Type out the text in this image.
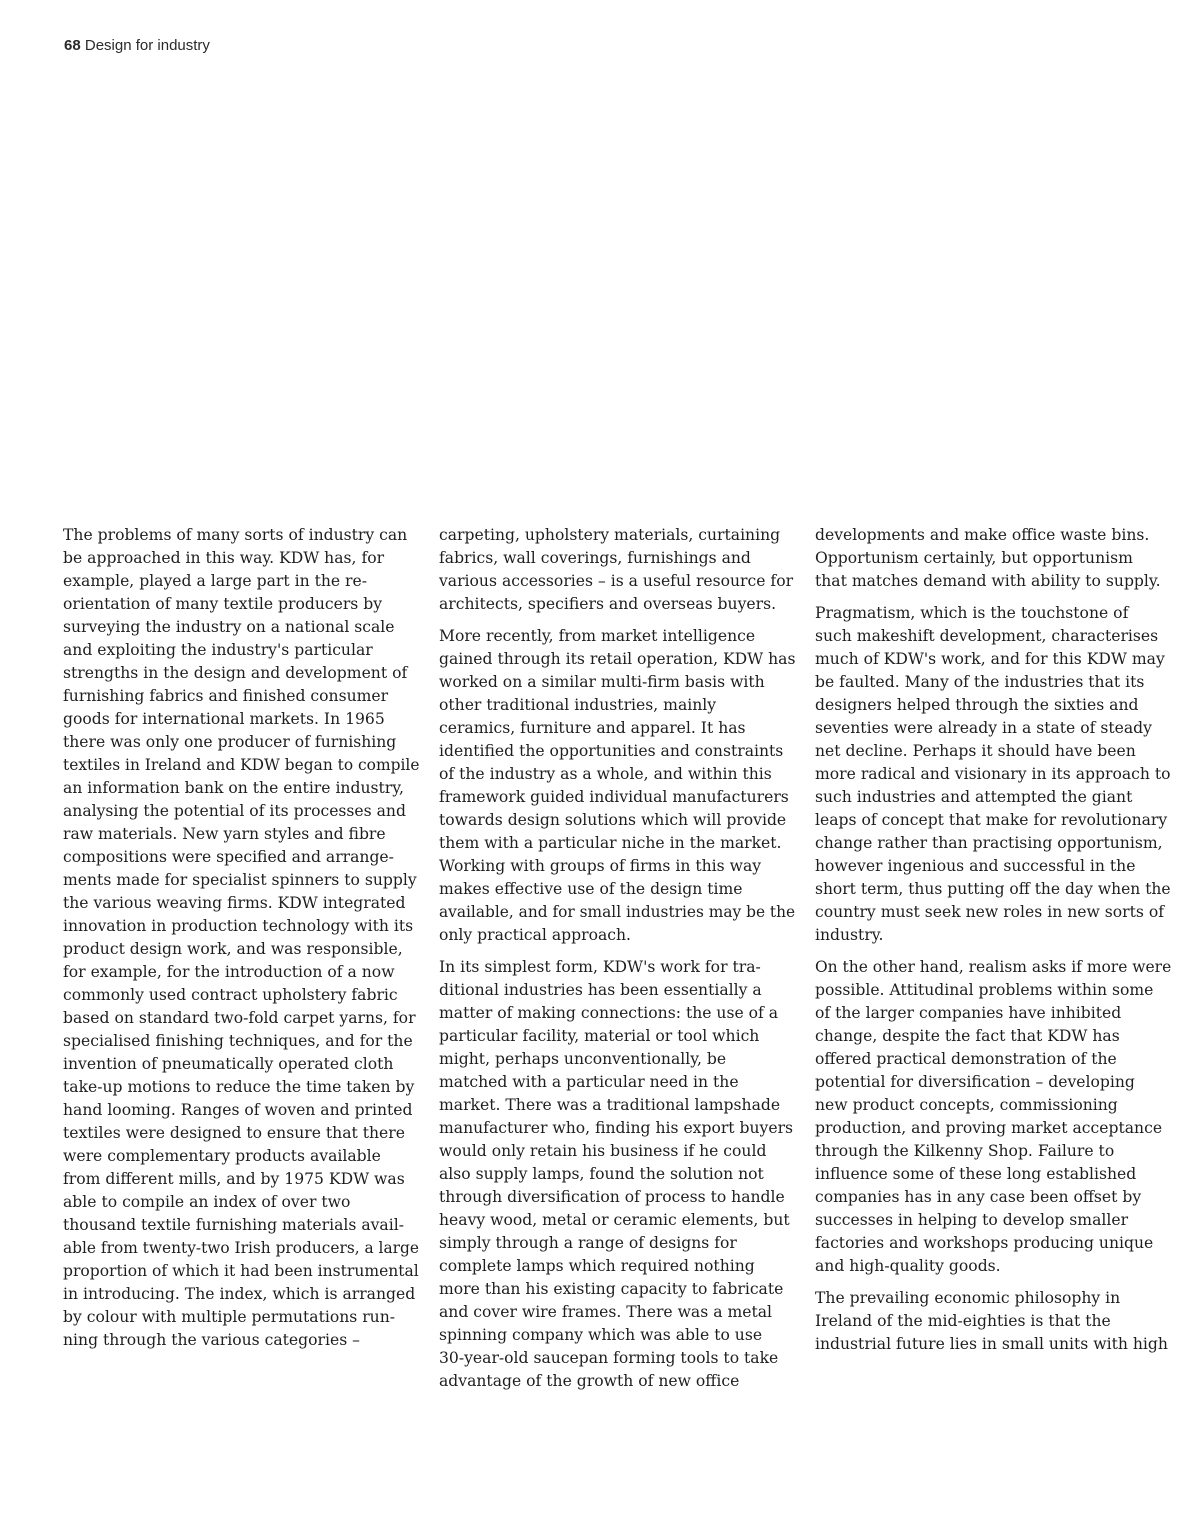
68 Design for industry

The problems of many sorts of industry can
be approached in this way. KDW has, for
example, played a large part in the re-
orientation of many textile producers by
surveying the industry on a national scale
and exploiting the industry's particular
strengths in the design and development of
furnishing fabrics and finished consumer
goods for international markets. In 1965
there was only one producer of furnishing
textiles in Ireland and KDW began to compile
an information bank on the entire industry,
analysing the potential of its processes and
raw materials. New yarn styles and fibre
compositions were specified and arrange-
ments made for specialist spinners to supply
the various weaving firms. KDW integrated
innovation in production technology with its
product design work, and was responsible,
for example, for the introduction of a now
commonly used contract upholstery fabric
based on standard two-fold carpet yarns, for
specialised finishing techniques, and for the
invention of pneumatically operated cloth
take-up motions to reduce the time taken by
hand looming. Ranges of woven and printed
textiles were designed to ensure that there
were complementary products available
from different mills, and by 1975 KDW was
able to compile an index of over two
thousand textile furnishing materials avail-
able from twenty-two Irish producers, a large
proportion of which it had been instrumental
in introducing. The index, which is arranged
by colour with multiple permutations run-
ning through the various categories –

carpeting, upholstery materials, curtaining
fabrics, wall coverings, furnishings and
various accessories – is a useful resource for
architects, specifiers and overseas buyers.

More recently, from market intelligence
gained through its retail operation, KDW has
worked on a similar multi-firm basis with
other traditional industries, mainly
ceramics, furniture and apparel. It has
identified the opportunities and constraints
of the industry as a whole, and within this
framework guided individual manufacturers
towards design solutions which will provide
them with a particular niche in the market.
Working with groups of firms in this way
makes effective use of the design time
available, and for small industries may be the
only practical approach.

In its simplest form, KDW's work for tra-
ditional industries has been essentially a
matter of making connections: the use of a
particular facility, material or tool which
might, perhaps unconventionally, be
matched with a particular need in the
market. There was a traditional lampshade
manufacturer who, finding his export buyers
would only retain his business if he could
also supply lamps, found the solution not
through diversification of process to handle
heavy wood, metal or ceramic elements, but
simply through a range of designs for
complete lamps which required nothing
more than his existing capacity to fabricate
and cover wire frames. There was a metal
spinning company which was able to use
30-year-old saucepan forming tools to take
advantage of the growth of new office

developments and make office waste bins.
Opportunism certainly, but opportunism
that matches demand with ability to supply.

Pragmatism, which is the touchstone of
such makeshift development, characterises
much of KDW's work, and for this KDW may
be faulted. Many of the industries that its
designers helped through the sixties and
seventies were already in a state of steady
net decline. Perhaps it should have been
more radical and visionary in its approach to
such industries and attempted the giant
leaps of concept that make for revolutionary
change rather than practising opportunism,
however ingenious and successful in the
short term, thus putting off the day when the
country must seek new roles in new sorts of
industry.

On the other hand, realism asks if more were
possible. Attitudinal problems within some
of the larger companies have inhibited
change, despite the fact that KDW has
offered practical demonstration of the
potential for diversification – developing
new product concepts, commissioning
production, and proving market acceptance
through the Kilkenny Shop. Failure to
influence some of these long established
companies has in any case been offset by
successes in helping to develop smaller
factories and workshops producing unique
and high-quality goods.

The prevailing economic philosophy in
Ireland of the mid-eighties is that the
industrial future lies in small units with high
